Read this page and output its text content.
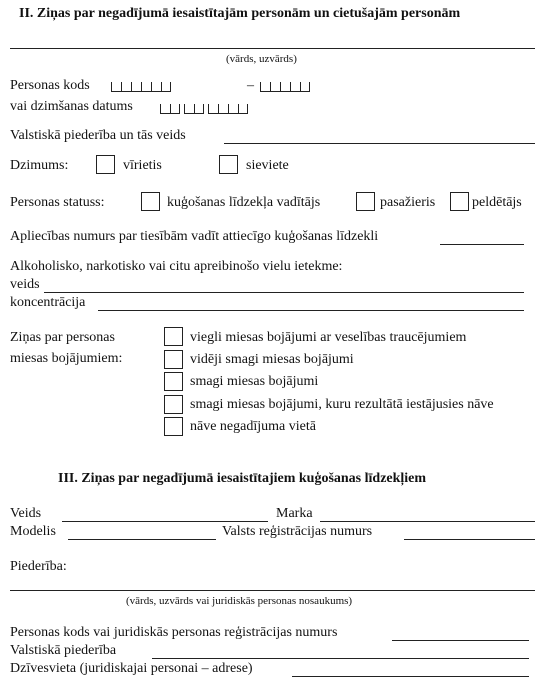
II. Ziņas par negadījumā iesaistītajām personām un cietušajām personām
(vārds, uzvārds)
Personas kods	–
vai dzimšanas datums
Valstiskā piederība un tās veids
Dzimums:	vīrietis	sieviete
Personas statuss:	kuģošanas līdzekļa vadītājs	pasažieris	peldētājs
Apliecības numurs par tiesībām vadīt attiecīgo kuģošanas līdzekli
Alkoholisko, narkotisko vai citu apreibinošo vielu ietekme:
veids
koncentrācija
Ziņas par personas
miesas bojājumiem:
viegli miesas bojājumi ar veselības traucējumiem
vidēji smagi miesas bojājumi
smagi miesas bojājumi
smagi miesas bojājumi, kuru rezultātā iestājusies nāve
nāve negadījuma vietā
III. Ziņas par negadījumā iesaistītajiem kuģošanas līdzekļiem
Veids	Marka
Modelis	Valsts reģistrācijas numurs
Piederība:
(vārds, uzvārds vai juridiskās personas nosaukums)
Personas kods vai juridiskās personas reģistrācijas numurs
Valstiskā piederība
Dzīvesvieta (juridiskajai personai – adrese)
